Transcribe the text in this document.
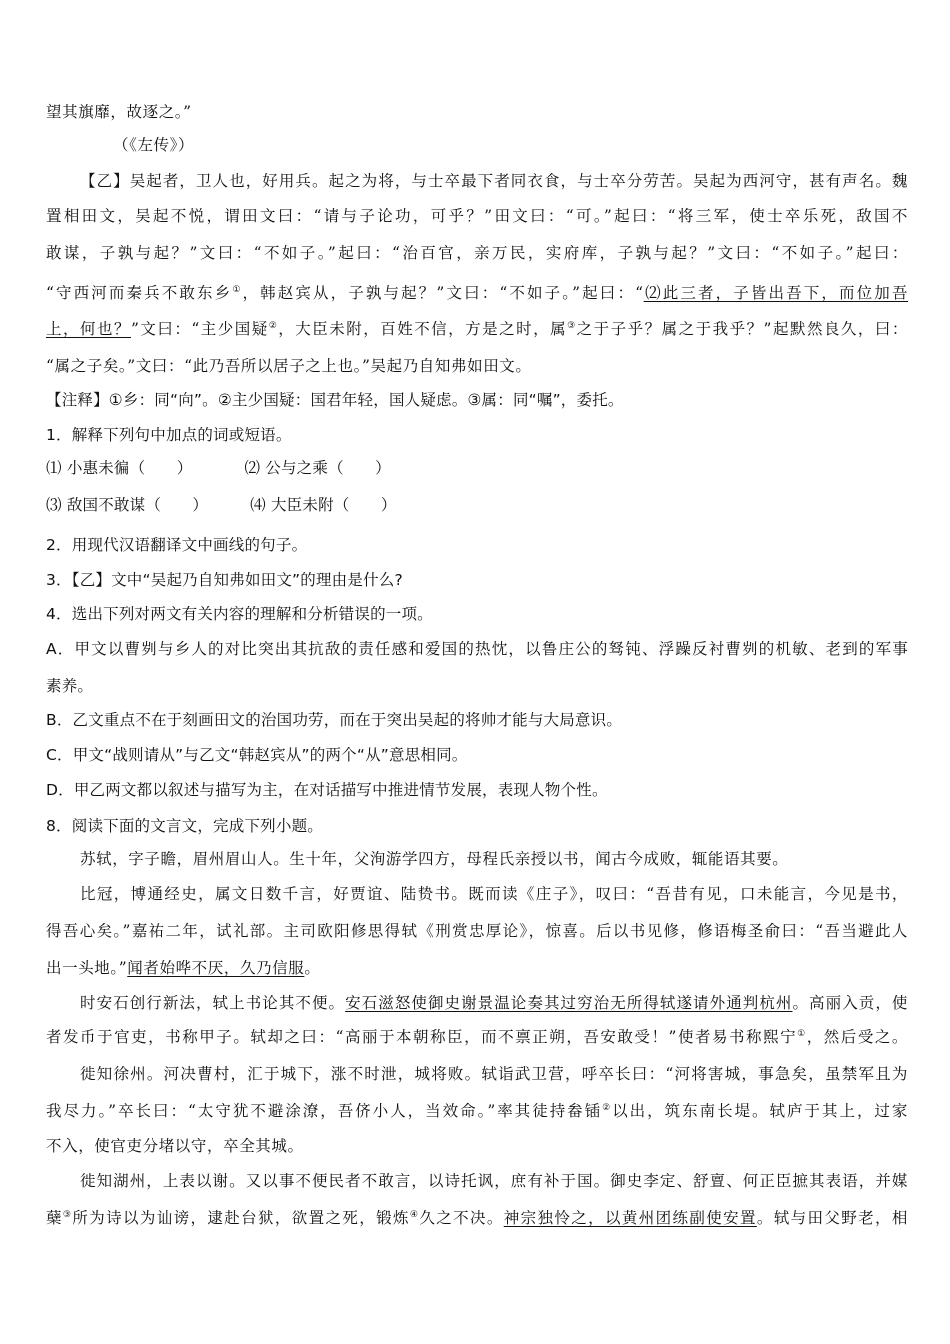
望其旗靡，故逐之。”
（《左传》）
【乙】吴起者，卫人也，好用兵。起之为将，与士卒最下者同衣食，与士卒分劳苦。吴起为西河守，甚有声名。魏
置相田文，吴起不悦，谓田文曰：“请与子论功，可乎？”田文曰：“可。”起曰：“将三军，使士卒乐死，敌国不
敢谋，子孰与起？”文曰：“不如子。”起曰：“治百官，亲万民，实府库，子孰与起？”文曰：“不如子。”起曰：
“守西河而秦兵不敢东乡①，韩赵宾从，子孰与起？”文曰：“不如子。”起曰：“⑵此三者，子皆出吾下，而位加吾
上，何也？”文曰：“主少国疑②，大臣未附，百姓不信，方是之时，属③之于子乎？属之于我乎？”起默然良久，曰：
“属之子矣。”文曰：“此乃吾所以居子之上也。”吴起乃自知弗如田文。
【注释】①乡：同“向”。②主少国疑：国君年轻，国人疑虑。③属：同“嘱”，委托。
1．解释下列句中加点的词或短语。
⑴ 小惠未徧（　　）	⑵ 公与之乘（　　）
⑶ 敌国不敢谋（　　）	⑷ 大臣未附（　　）
2．用现代汉语翻译文中画线的句子。
3．【乙】文中“吴起乃自知弗如田文”的理由是什么?
4．选出下列对两文有关内容的理解和分析错误的一项。
A．甲文以曹刿与乡人的对比突出其抗敌的责任感和爱国的热忱，以鲁庄公的驽钝、浮躁反衬曹刿的机敏、老到的军事
素养。
B．乙文重点不在于刻画田文的治国功劳，而在于突出吴起的将帅才能与大局意识。
C．甲文“战则请从”与乙文“韩赵宾从”的两个“从”意思相同。
D．甲乙两文都以叙述与描写为主，在对话描写中推进情节发展，表现人物个性。
8．阅读下面的文言文，完成下列小题。
苏轼，字子瞻，眉州眉山人。生十年，父洵游学四方，母程氏亲授以书，闻古今成败，辄能语其要。
比冠，博通经史，属文日数千言，好贾谊、陆贽书。既而读《庄子》，叹曰：“吾昔有见，口未能言，今见是书，
得吾心矣。”嘉祐二年，试礼部。主司欧阳修思得轼《刑赏忠厚论》，惊喜。后以书见修，修语梅圣俞曰：“吾当避此人
出一头地。”闻者始哗不厌，久乃信服。
时安石创行新法，轼上书论其不便。安石滋怒使御史谢景温论奏其过穷治无所得轼遂请外通判杭州。高丽入贡，使
者发币于官吏，书称甲子。轼却之曰：“高丽于本朝称臣，而不禀正朔，吾安敢受！”使者易书称熙宁①，然后受之。
徙知徐州。河决曹村，汇于城下，涨不时泄，城将败。轼诣武卫营，呼卒长曰：“河将害城，事急矣，虽禁军且为
我尽力。”卒长曰：“太守犹不避涂潦，吾侪小人，当效命。”率其徒持畚锸②以出，筑东南长堤。轼庐于其上，过家
不入，使官吏分堵以守，卒全其城。
徙知湖州，上表以谢。又以事不便民者不敢言，以诗托讽，庶有补于国。御史李定、舒亶、何正臣摭其表语，并媒
蘖③所为诗以为讪谤，逮赴台狱，欲置之死，锻炼④久之不决。神宗独怜之，以黄州团练副使安置。轼与田父野老，相
